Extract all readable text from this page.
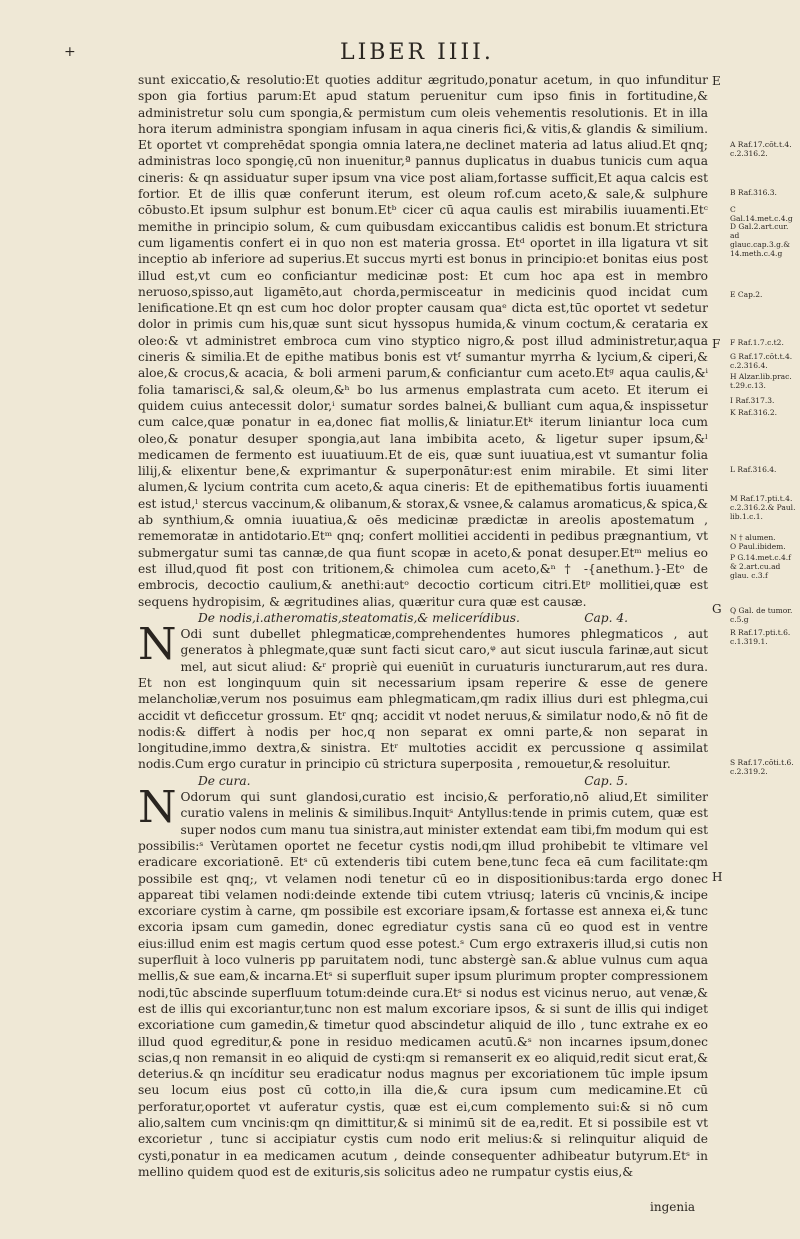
+	LIBER IIII.

sunt exiccatio,& resolutio:Et quoties additur ægritudo,ponatur acetum, in quo infunditur spon gia fortius parum:Et apud statum peruenitur cum ipso finis in fortitudine,& administretur solu cum spongia,& permistum cum oleis vehementis resolutionis. Et in illa hora iterum administra spongiam infusam in aqua cineris fici,& vitis,& glandis & similium. Et oportet vt comprehēdat spongia omnia latera,ne declinet materia ad latus aliud.Et qnq; administras loco spongię,cū non inuenitur,ª pannus duplicatus in duabus tunicis cum aqua cineris: & qn assiduatur super ipsum vna vice post aliam,fortasse sufficit,Et aqua calcis est fortior. Et de illis quæ conferunt iterum, est oleum rof.cum aceto,& sale,& sulphure cōbusto.Et ipsum sulphur est bonum.Etᵇ cicer cū aqua caulis est mirabilis iuuamenti.Etᶜ memithe in principio solum, & cum quibusdam exiccantibus calidis est bonum.Et strictura cum ligamentis confert ei in quo non est materia grossa. Etᵈ oportet in illa ligatura vt sit inceptio ab inferiore ad superius.Et succus myrti est bonus in principio:et bonitas eius post illud est,vt cum eo conficiantur medicinæ post: Et cum hoc apa est in membro neruoso,spisso,aut ligamēto,aut chorda,permisceatur in medicinis quod incidat cum lenificatione.Et qn est cum hoc dolor propter causam quaᵉ dicta est,tūc oportet vt sedetur dolor in primis cum his,quæ sunt sicut hyssopus humida,& vinum coctum,& cerataria ex oleo:& vt administret embroca cum vino styptico nigro,& post illud administretur,aqua cineris & similia.Et de epithe matibus bonis est vtᶠ sumantur myrrha & lycium,& ciperi,& aloe,& crocus,& acacia, & boli armeni parum,& conficiantur cum aceto.Etᵍ aqua caulis,&ⁱ folia tamarisci,& sal,& oleum,&ʰ bo lus armenus emplastrata cum aceto. Et iterum ei quidem cuius antecessit dolor,ⁱ sumatur sordes balnei,& bulliant cum aqua,& inspissetur cum calce,quæ ponatur in ea,donec fiat mollis,& liniatur.Etᵏ iterum liniantur loca cum oleo,& ponatur desuper spongia,aut lana imbibita aceto, & ligetur super ipsum,&ˡ medicamen de fermento est iuuatiuum.Et de eis, quæ sunt iuuatiua,est vt sumantur folia lilij,& elixentur bene,& exprimantur & superponātur:est enim mirabile. Et simi liter alumen,& lycium contrita cum aceto,& aqua cineris: Et de epithematibus fortis iuuamenti est istud,ˡ stercus vaccinum,& olibanum,& storax,& vsnee,& calamus aromaticus,& spica,& ab synthium,& omnia iuuatiua,& oēs medicinæ prædictæ in areolis apostematum , rememoratæ in antidotario.Etᵐ qnq; confert mollitiei accidenti in pedibus prægnantium, vt submergatur sumi tas cannæ,de qua fiunt scopæ in aceto,& ponat desuper.Etᵐ melius eo est illud,quod fit post con tritionem,& chimolea cum aceto,&ⁿ † -{anethum.}-Etᵒ de embrocis, decoctio caulium,& anethi:autᵒ decoctio corticum citri.Etᵖ mollitiei,quæ est sequens hydropisim, & ægritudines alias, quæritur cura quæ est causæ.

De nodis,i.atheromatis,steatomatis,& melicerídibus.	Cap. 4.

N Odi sunt dubellet phlegmaticæ,comprehendentes humores phlegmaticos , aut generatos à phlegmate,quæ sunt facti sicut caro,ᵠ aut sicut iusculа farinæ,aut sicut mel, aut sicut aliud: &ʳ propriè qui eueniūt in curuaturis iuncturarum,aut res dura. Et non est longinquum quin sit necessarium ipsam reperire & esse de genere melancholiæ,verum nos posuimus eam phlegmaticam,qm radix illius duri est phlegma,cui accidit vt deficcetur grossum. Etʳ qnq; accidit vt nodet neruus,& similatur nodo,& nō fit de nodis:& differt à nodis per hoc,q non separat ex omni parte,& non separat in longitudine,immo dextra,& sinistra. Etʳ multoties accidit ex percussione q assimilat nodis.Cum ergo curatur in principio cū strictura superposita , remouetur,& resoluitur.

De cura.	Cap. 5.

N Odorum qui sunt glandosi,curatio est incisio,& perforatio,nō aliud,Et similiter curatio valens in melinis & similibus.Inquitˢ Antyllus:tende in primis cutem, quæ est super nodos cum manu tua sinistra,aut minister extendat eam tibi,fm modum qui est possibilis:ˢ Verùtamen oportet ne fecetur cystis nodi,qm illud prohibebit te vltimare vel eradicare excoriationē. Etˢ cū extenderis tibi cutem bene,tunc feca eā cum facilitate:qm possibile est qnq;, vt velamen nodi tenetur cū eo in dispositionibus:tarda ergo donec appareat tibi velamen nodi:deinde extende tibi cutem vtriusq; lateris cū vncinis,& incipe excoriare cystim à carne, qm possibile est excoriare ipsam,& fortasse est annexa ei,& tunc excoria ipsam cum gamedin, donec egrediatur cystis sana cū eo quod est in ventre eius:illud enim est magis certum quod esse potest.ˢ Cum ergo extraxeris illud,si cutis non superfluit à loco vulneris pp paruitatem nodi, tunc abstergè san.& ablue vulnus cum aqua mellis,& sue eam,& incarna.Etˢ si superfluit super ipsum plurimum propter compressionem nodi,tūc abscinde superfluum totum:deinde cura.Etˢ si nodus est vicinus neruo, aut venæ,& est de illis qui excoriantur,tunc non est malum excoriare ipsos, & si sunt de illis qui indiget excoriatione cum gamedin,& timetur quod abscindetur aliquid de illo , tunc extrahe ex eo illud quod egreditur,& pone in residuo medicamen acutū.&ˢ non incarnes ipsum,donec scias,q non remansit in eo aliquid de cysti:qm si remanserit ex eo aliquid,redit sicut erat,& deterius.& qn incíditur seu eradicatur nodus magnus per excoriationem tūc imple ipsum seu locum eius post cū cotto,in illa die,& cura ipsum cum medicamine.Et cū perforatur,oportet vt auferatur cystis, quæ est ei,cum complemento sui:& si nō cum alio,saltem cum vncinis:qm qn dimittitur,& si minimū sit de ea,redit. Et si possibile est vt excorietur , tunc si accipiatur cystis cum nodo erit melius:& si relinquitur aliquid de cysti,ponatur in ea medicamen acutum , deinde consequenter adhibeatur butyrum.Etˢ in mellino quidem quod est de exituris,sis solicitus adeo ne rumpatur cystis eius,&

E
F
G
H
A Raf.17.cōt.t.4. c.2.316.2.
B Raf.316.3.
C Gal.14.met.c.4.g
D Gal.2.art.cur. ad glauc.cap.3.g.& 14.meth.c.4.g
E Cap.2.
F Raf.1.7.c.t2.
G Raf.17.cōt.t.4. c.2.316.4.
H Alzar.lib.prac. t.29.c.13.
I Raf.317.3.
K Raf.316.2.
L Raf.316.4.
M Raf.17.pti.t.4. c.2.316.2.& Paul. lib.1.c.1.
N † alumen.
O Paul.ibidem.
P G.14.met.c.4.f & 2.art.cu.ad glau. c.3.f
Q Gal. de tumor. c.5.g
R Raf.17.pti.t.6. c.1.319.1.
S Raf.17.cōti.t.6. c.2.319.2.
ingenia
